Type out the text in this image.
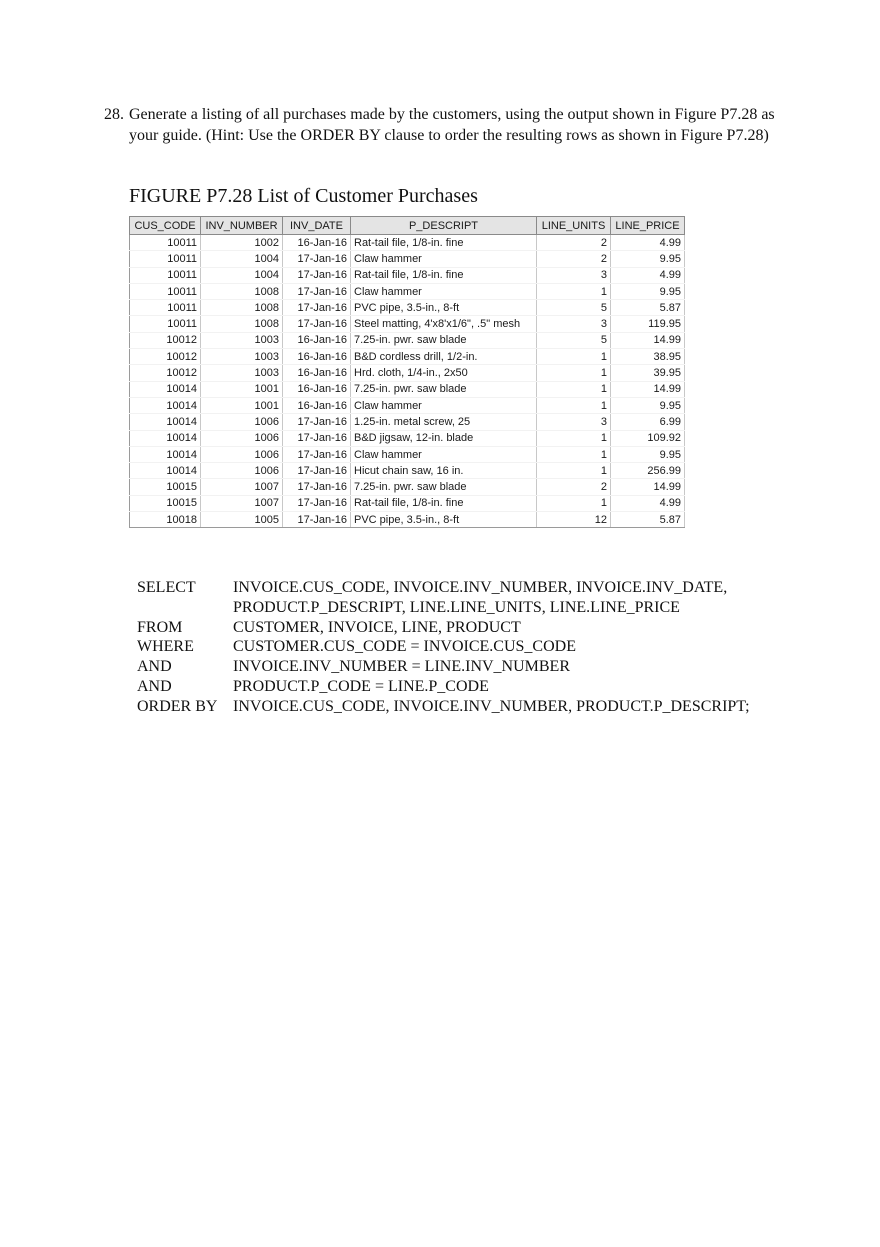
28. Generate a listing of all purchases made by the customers, using the output shown in Figure P7.28 as your guide. (Hint: Use the ORDER BY clause to order the resulting rows as shown in Figure P7.28)
FIGURE P7.28 List of Customer Purchases
CUS_CODE	INV_NUMBER	INV_DATE	P_DESCRIPT	LINE_UNITS	LINE_PRICE
10011	1002	16-Jan-16	Rat-tail file, 1/8-in. fine	2	4.99
10011	1004	17-Jan-16	Claw hammer	2	9.95
10011	1004	17-Jan-16	Rat-tail file, 1/8-in. fine	3	4.99
10011	1008	17-Jan-16	Claw hammer	1	9.95
10011	1008	17-Jan-16	PVC pipe, 3.5-in., 8-ft	5	5.87
10011	1008	17-Jan-16	Steel matting, 4'x8'x1/6", .5" mesh	3	119.95
10012	1003	16-Jan-16	7.25-in. pwr. saw blade	5	14.99
10012	1003	16-Jan-16	B&D cordless drill, 1/2-in.	1	38.95
10012	1003	16-Jan-16	Hrd. cloth, 1/4-in., 2x50	1	39.95
10014	1001	16-Jan-16	7.25-in. pwr. saw blade	1	14.99
10014	1001	16-Jan-16	Claw hammer	1	9.95
10014	1006	17-Jan-16	1.25-in. metal screw, 25	3	6.99
10014	1006	17-Jan-16	B&D jigsaw, 12-in. blade	1	109.92
10014	1006	17-Jan-16	Claw hammer	1	9.95
10014	1006	17-Jan-16	Hicut chain saw, 16 in.	1	256.99
10015	1007	17-Jan-16	7.25-in. pwr. saw blade	2	14.99
10015	1007	17-Jan-16	Rat-tail file, 1/8-in. fine	1	4.99
10018	1005	17-Jan-16	PVC pipe, 3.5-in., 8-ft	12	5.87
SELECT	INVOICE.CUS_CODE, INVOICE.INV_NUMBER, INVOICE.INV_DATE,
PRODUCT.P_DESCRIPT, LINE.LINE_UNITS, LINE.LINE_PRICE
FROM	CUSTOMER, INVOICE, LINE, PRODUCT
WHERE	CUSTOMER.CUS_CODE = INVOICE.CUS_CODE
AND	INVOICE.INV_NUMBER = LINE.INV_NUMBER
AND	PRODUCT.P_CODE = LINE.P_CODE
ORDER BY INVOICE.CUS_CODE, INVOICE.INV_NUMBER, PRODUCT.P_DESCRIPT;
